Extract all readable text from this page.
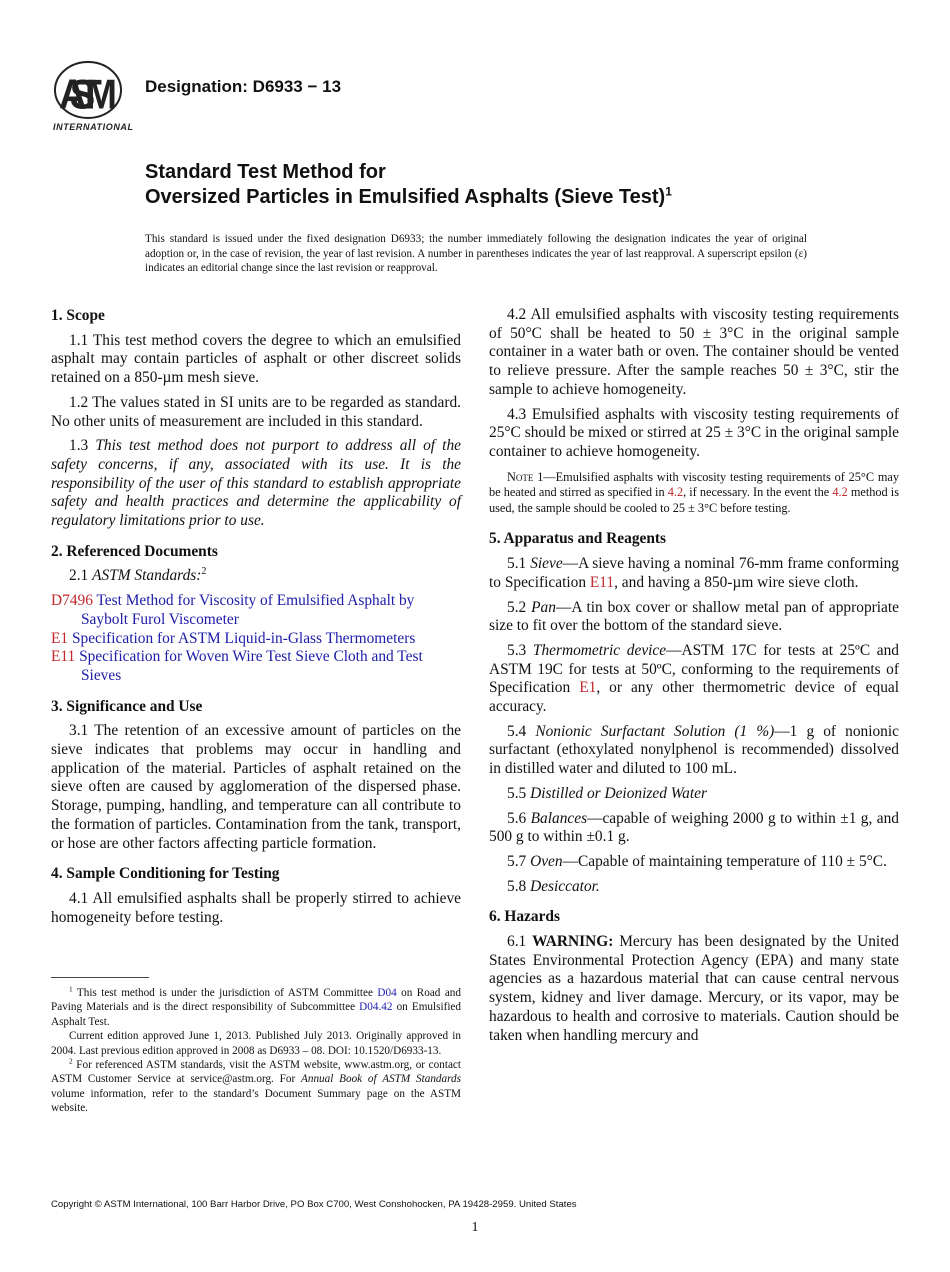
ASTM
INTERNATIONAL
Designation: D6933 − 13
Standard Test Method for
Oversized Particles in Emulsified Asphalts (Sieve Test)$^1$
This standard is issued under the fixed designation D6933; the number immediately following the designation indicates the year of original adoption or, in the case of revision, the year of last revision. A number in parentheses indicates the year of last reapproval. A superscript epsilon (ε) indicates an editorial change since the last revision or reapproval.
1. Scope

1.1 This test method covers the degree to which an emulsified asphalt may contain particles of asphalt or other discreet solids retained on a 850-µm mesh sieve.

1.2 The values stated in SI units are to be regarded as standard. No other units of measurement are included in this standard.

1.3 This test method does not purport to address all of the safety concerns, if any, associated with its use. It is the responsibility of the user of this standard to establish appropriate safety and health practices and determine the applicability of regulatory limitations prior to use.

2. Referenced Documents

2.1 ASTM Standards:$^2$

D7496 Test Method for Viscosity of Emulsified Asphalt by Saybolt Furol Viscometer

E1 Specification for ASTM Liquid-in-Glass Thermometers

E11 Specification for Woven Wire Test Sieve Cloth and Test Sieves

3. Significance and Use

3.1 The retention of an excessive amount of particles on the sieve indicates that problems may occur in handling and application of the material. Particles of asphalt retained on the sieve often are caused by agglomeration of the dispersed phase. Storage, pumping, handling, and temperature can all contribute to the formation of particles. Contamination from the tank, transport, or hose are other factors affecting particle formation.

4. Sample Conditioning for Testing

4.1 All emulsified asphalts shall be properly stirred to achieve homogeneity before testing.

4.2 All emulsified asphalts with viscosity testing requirements of 50°C shall be heated to 50 ± 3°C in the original sample container in a water bath or oven. The container should be vented to relieve pressure. After the sample reaches 50 ± 3°C, stir the sample to achieve homogeneity.

4.3 Emulsified asphalts with viscosity testing requirements of 25°C should be mixed or stirred at 25 ± 3°C in the original sample container to achieve homogeneity.

Note 1—Emulsified asphalts with viscosity testing requirements of 25°C may be heated and stirred as specified in 4.2, if necessary. In the event the 4.2 method is used, the sample should be cooled to 25 ± 3°C before testing.

5. Apparatus and Reagents

5.1 Sieve—A sieve having a nominal 76-mm frame conforming to Specification E11, and having a 850-µm wire sieve cloth.

5.2 Pan—A tin box cover or shallow metal pan of appropriate size to fit over the bottom of the standard sieve.

5.3 Thermometric device—ASTM 17C for tests at 25ºC and ASTM 19C for tests at 50ºC, conforming to the requirements of Specification E1, or any other thermometric device of equal accuracy.

5.4 Nonionic Surfactant Solution (1 %)—1 g of nonionic surfactant (ethoxylated nonylphenol is recommended) dissolved in distilled water and diluted to 100 mL.

5.5 Distilled or Deionized Water

5.6 Balances—capable of weighing 2000 g to within ±1 g, and 500 g to within ±0.1 g.

5.7 Oven—Capable of maintaining temperature of 110 ± 5°C.

5.8 Desiccator.

6. Hazards

6.1 WARNING: Mercury has been designated by the United States Environmental Protection Agency (EPA) and many state agencies as a hazardous material that can cause central nervous system, kidney and liver damage. Mercury, or its vapor, may be hazardous to health and corrosive to materials. Caution should be taken when handling mercury and

$^1$ This test method is under the jurisdiction of ASTM Committee D04 on Road and Paving Materials and is the direct responsibility of Subcommittee D04.42 on Emulsified Asphalt Test.

Current edition approved June 1, 2013. Published July 2013. Originally approved in 2004. Last previous edition approved in 2008 as D6933 – 08. DOI: 10.1520/D6933-13.

$^2$ For referenced ASTM standards, visit the ASTM website, www.astm.org, or contact ASTM Customer Service at service@astm.org. For Annual Book of ASTM Standards volume information, refer to the standard’s Document Summary page on the ASTM website.

Copyright © ASTM International, 100 Barr Harbor Drive, PO Box C700, West Conshohocken, PA 19428-2959. United States
1
